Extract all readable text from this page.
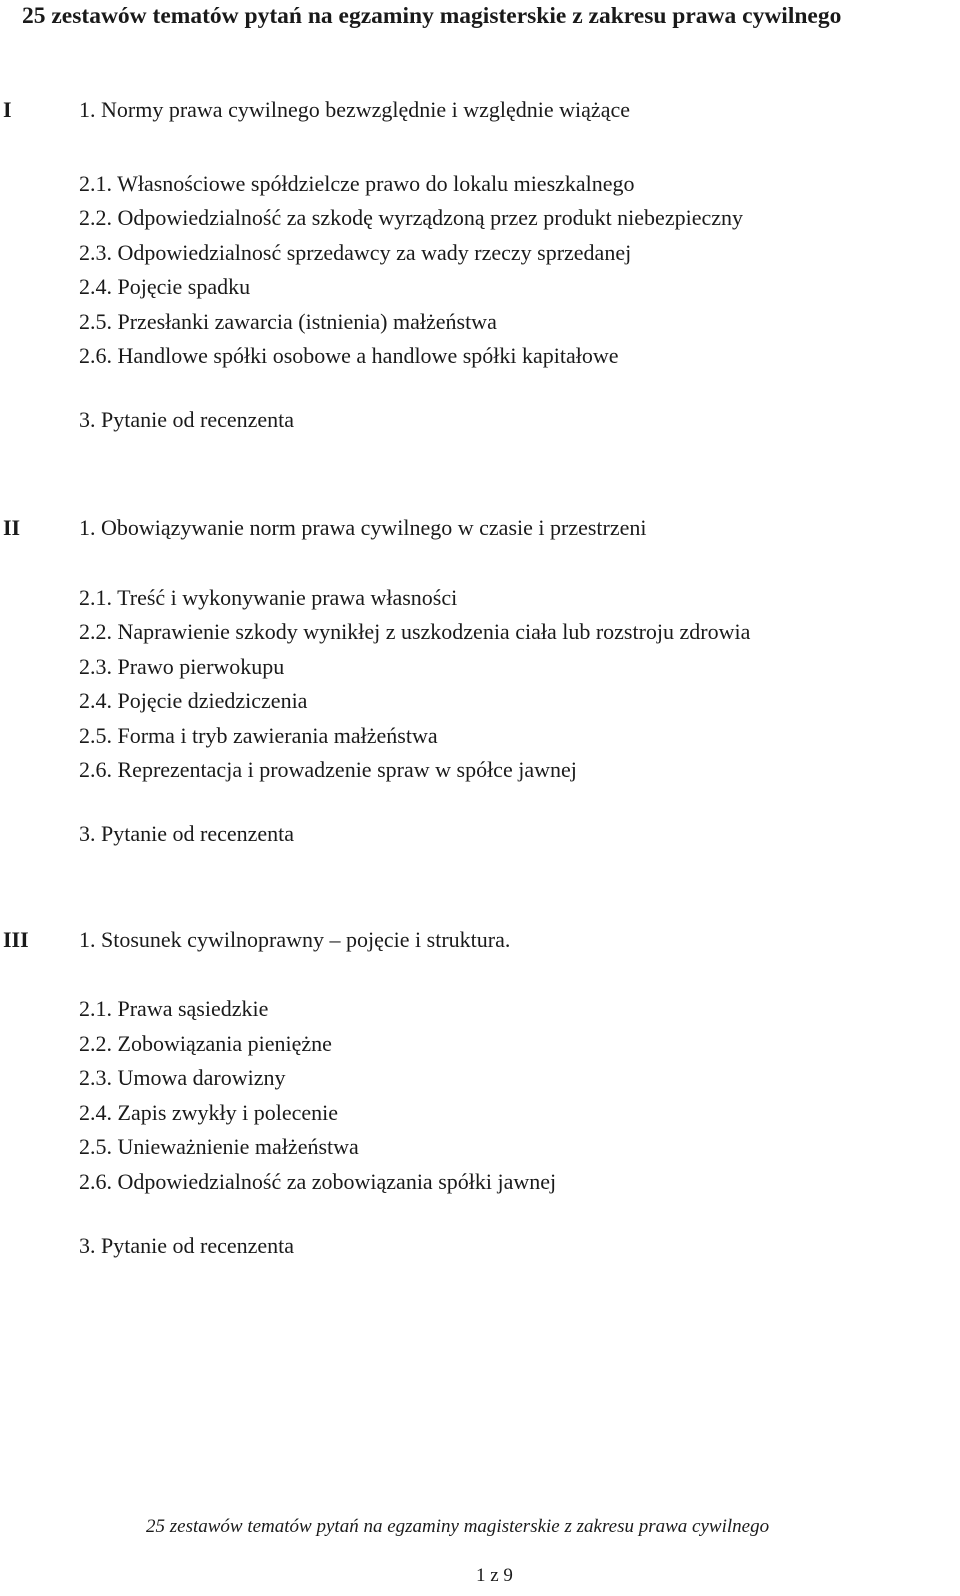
25 zestawów tematów pytań na egzaminy magisterskie z zakresu prawa cywilnego
I	1. Normy prawa cywilnego bezwzględnie i względnie wiążące
2.1. Własnościowe spółdzielcze prawo do lokalu mieszkalnego
2.2. Odpowiedzialność za szkodę wyrządzoną przez produkt niebezpieczny
2.3. Odpowiedzialnosć sprzedawcy za wady rzeczy sprzedanej
2.4. Pojęcie spadku
2.5. Przesłanki zawarcia (istnienia) małżeństwa
2.6. Handlowe spółki osobowe a handlowe spółki kapitałowe
3. Pytanie od recenzenta
II	1. Obowiązywanie norm prawa cywilnego w czasie i przestrzeni
2.1. Treść i wykonywanie prawa własności
2.2. Naprawienie szkody wynikłej z uszkodzenia ciała lub rozstroju zdrowia
2.3. Prawo pierwokupu
2.4. Pojęcie dziedziczenia
2.5. Forma i tryb zawierania małżeństwa
2.6. Reprezentacja i prowadzenie spraw w spółce jawnej
3. Pytanie od recenzenta
III 1. Stosunek cywilnoprawny – pojęcie i struktura.
2.1. Prawa sąsiedzkie
2.2. Zobowiązania pieniężne
2.3. Umowa darowizny
2.4. Zapis zwykły i polecenie
2.5. Unieważnienie małżeństwa
2.6. Odpowiedzialność za zobowiązania spółki jawnej
3. Pytanie od recenzenta
25 zestawów tematów pytań na egzaminy magisterskie z zakresu prawa cywilnego
1 z 9
